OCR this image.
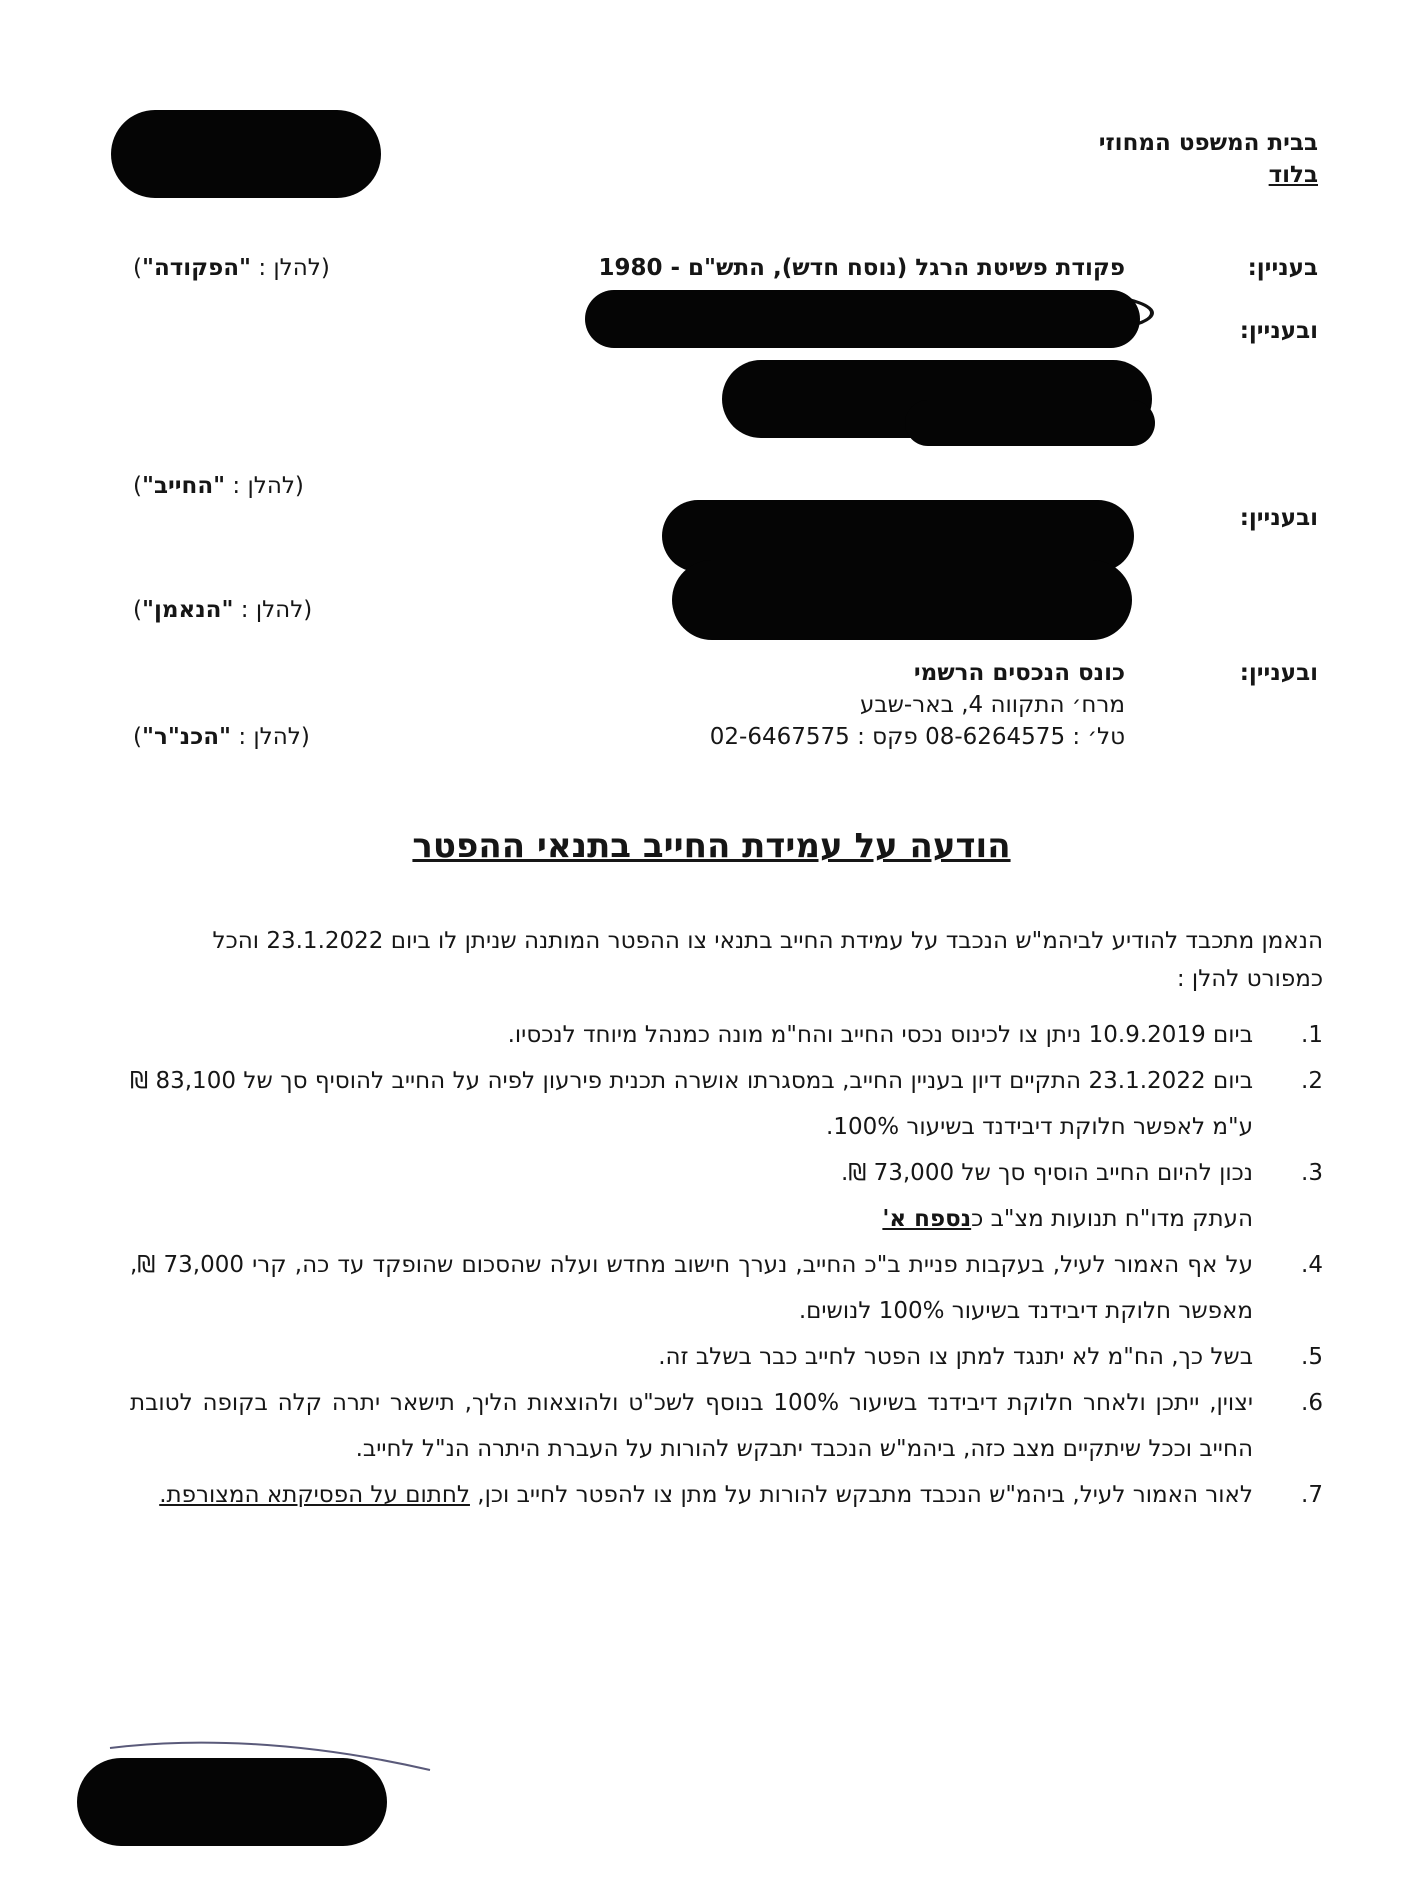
בבית המשפט המחוזי
בלוד
בעניין:
פקודת פשיטת הרגל (נוסח חדש), התש"ם - 1980
(להלן : "הפקודה")
ובעניין:
(להלן : "החייב")
ובעניין:
(להלן : "הנאמן")
ובעניין:
כונס הנכסים הרשמי
מרח׳ התקווה 4, באר-שבע
טל׳ : 08-6264575 פקס : 02-6467575
(להלן : "הכנ"ר")
הודעה על עמידת החייב בתנאי ההפטר
הנאמן מתכבד להודיע לביהמ"ש הנכבד על עמידת החייב בתנאי צו ההפטר המותנה שניתן לו ביום 23.1.2022 והכל כמפורט להלן :
1.
ביום 10.9.2019 ניתן צו לכינוס נכסי החייב והח"מ מונה כמנהל מיוחד לנכסיו.
2.
ביום 23.1.2022 התקיים דיון בעניין החייב, במסגרתו אושרה תכנית פירעון לפיה על החייב להוסיף סך של 83,100 ₪ ע"מ לאפשר חלוקת דיבידנד בשיעור 100%.
3.
נכון להיום החייב הוסיף סך של 73,000 ₪.
העתק מדו"ח תנועות מצ"ב כנספח א'
4.
על אף האמור לעיל, בעקבות פניית ב"כ החייב, נערך חישוב מחדש ועלה שהסכום שהופקד עד כה, קרי 73,000 ₪, מאפשר חלוקת דיבידנד בשיעור 100% לנושים.
5.
בשל כך, הח"מ לא יתנגד למתן צו הפטר לחייב כבר בשלב זה.
6.
יצוין, ייתכן ולאחר חלוקת דיבידנד בשיעור 100% בנוסף לשכ"ט ולהוצאות הליך, תישאר יתרה קלה בקופה לטובת החייב וככל שיתקיים מצב כזה, ביהמ"ש הנכבד יתבקש להורות על העברת היתרה הנ"ל לחייב.
7.
לאור האמור לעיל, ביהמ"ש הנכבד מתבקש להורות על מתן צו להפטר לחייב וכן, לחתום על הפסיקתא המצורפת.
